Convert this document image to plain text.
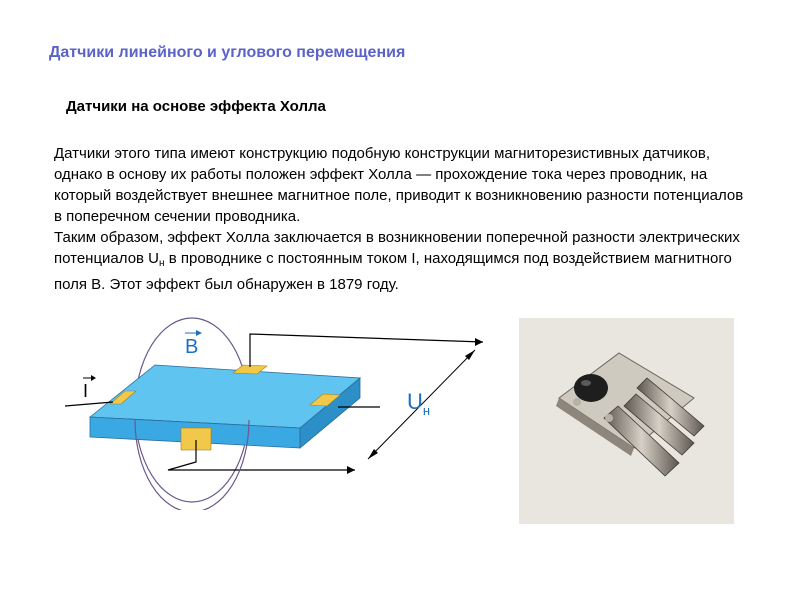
Датчики линейного и углового перемещения
Датчики на основе эффекта Холла

Датчики этого типа имеют конструкцию подобную конструкции магниторезистивных датчиков, однако в основу их работы положен эффект Холла — прохождение тока через проводник, на который воздействует внешнее магнитное поле, приводит к возникновению разности потенциалов в поперечном сечении проводника.

Таким образом, эффект Холла заключается в возникновении поперечной разности электрических потенциалов $U_н$ в проводнике с постоянным током I, находящимся под воздействием магнитного поля B. Этот эффект был обнаружен в 1879 году.

B
I	$U_н$
